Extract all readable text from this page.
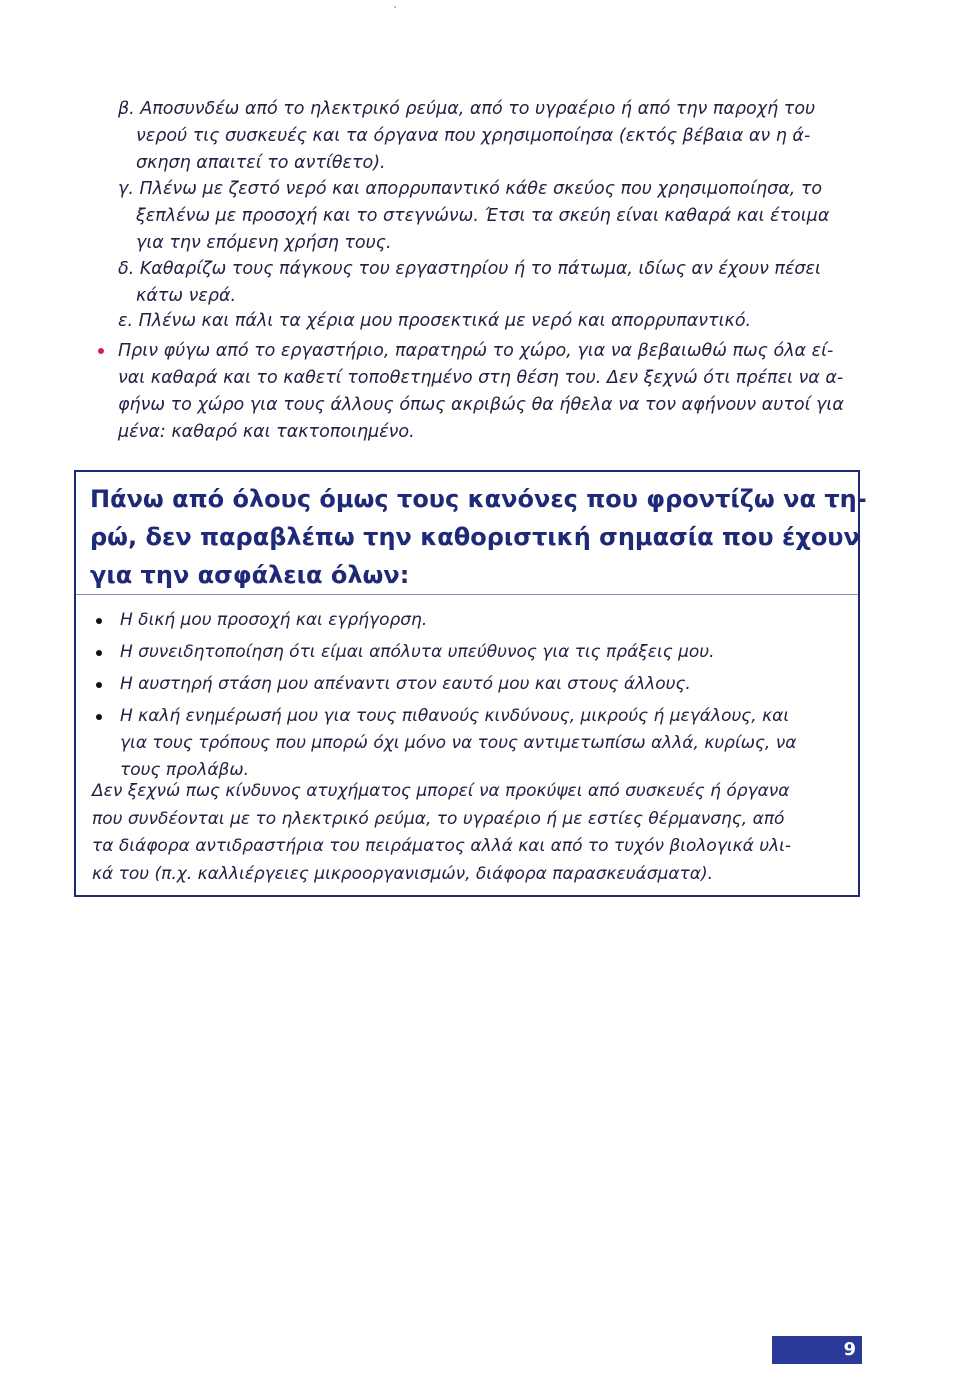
β. Αποσυνδέω από το ηλεκτρικό ρεύμα, από το υγραέριο ή από την παροχή του
νερού τις συσκευές και τα όργανα που χρησιμοποίησα (εκτός βέβαια αν η ά-
σκηση απαιτεί το αντίθετο).
γ. Πλένω με ζεστό νερό και απορρυπαντικό κάθε σκεύος που χρησιμοποίησα, το
ξεπλένω με προσοχή και το στεγνώνω. Έτσι τα σκεύη είναι καθαρά και έτοιμα
για την επόμενη χρήση τους.
δ. Καθαρίζω τους πάγκους του εργαστηρίου ή το πάτωμα, ιδίως αν έχουν πέσει
κάτω νερά.
ε. Πλένω και πάλι τα χέρια μου προσεκτικά με νερό και απορρυπαντικό.
Πριν φύγω από το εργαστήριο, παρατηρώ το χώρο, για να βεβαιωθώ πως όλα εί-
ναι καθαρά και το καθετί τοποθετημένο στη θέση του. Δεν ξεχνώ ότι πρέπει να α-
φήνω το χώρο για τους άλλους όπως ακριβώς θα ήθελα να τον αφήνουν αυτοί για
μένα: καθαρό και τακτοποιημένο.
Πάνω από όλους όμως τους κανόνες που φροντίζω να τη-
ρώ, δεν παραβλέπω την καθοριστική σημασία που έχουν
για την ασφάλεια όλων:
Η δική μου προσοχή και εγρήγορση.
Η συνειδητοποίηση ότι είμαι απόλυτα υπεύθυνος για τις πράξεις μου.
Η αυστηρή στάση μου απέναντι στον εαυτό μου και στους άλλους.
Η καλή ενημέρωσή μου για τους πιθανούς κινδύνους, μικρούς ή μεγάλους, και
για τους τρόπους που μπορώ όχι μόνο να τους αντιμετωπίσω αλλά, κυρίως, να
τους προλάβω.
Δεν ξεχνώ πως κίνδυνος ατυχήματος μπορεί να προκύψει από συσκευές ή όργανα
που συνδέονται με το ηλεκτρικό ρεύμα, το υγραέριο ή με εστίες θέρμανσης, από
τα διάφορα αντιδραστήρια του πειράματος αλλά και από το τυχόν βιολογικά υλι-
κά του (π.χ. καλλιέργειες μικροοργανισμών, διάφορα παρασκευάσματα).
9
